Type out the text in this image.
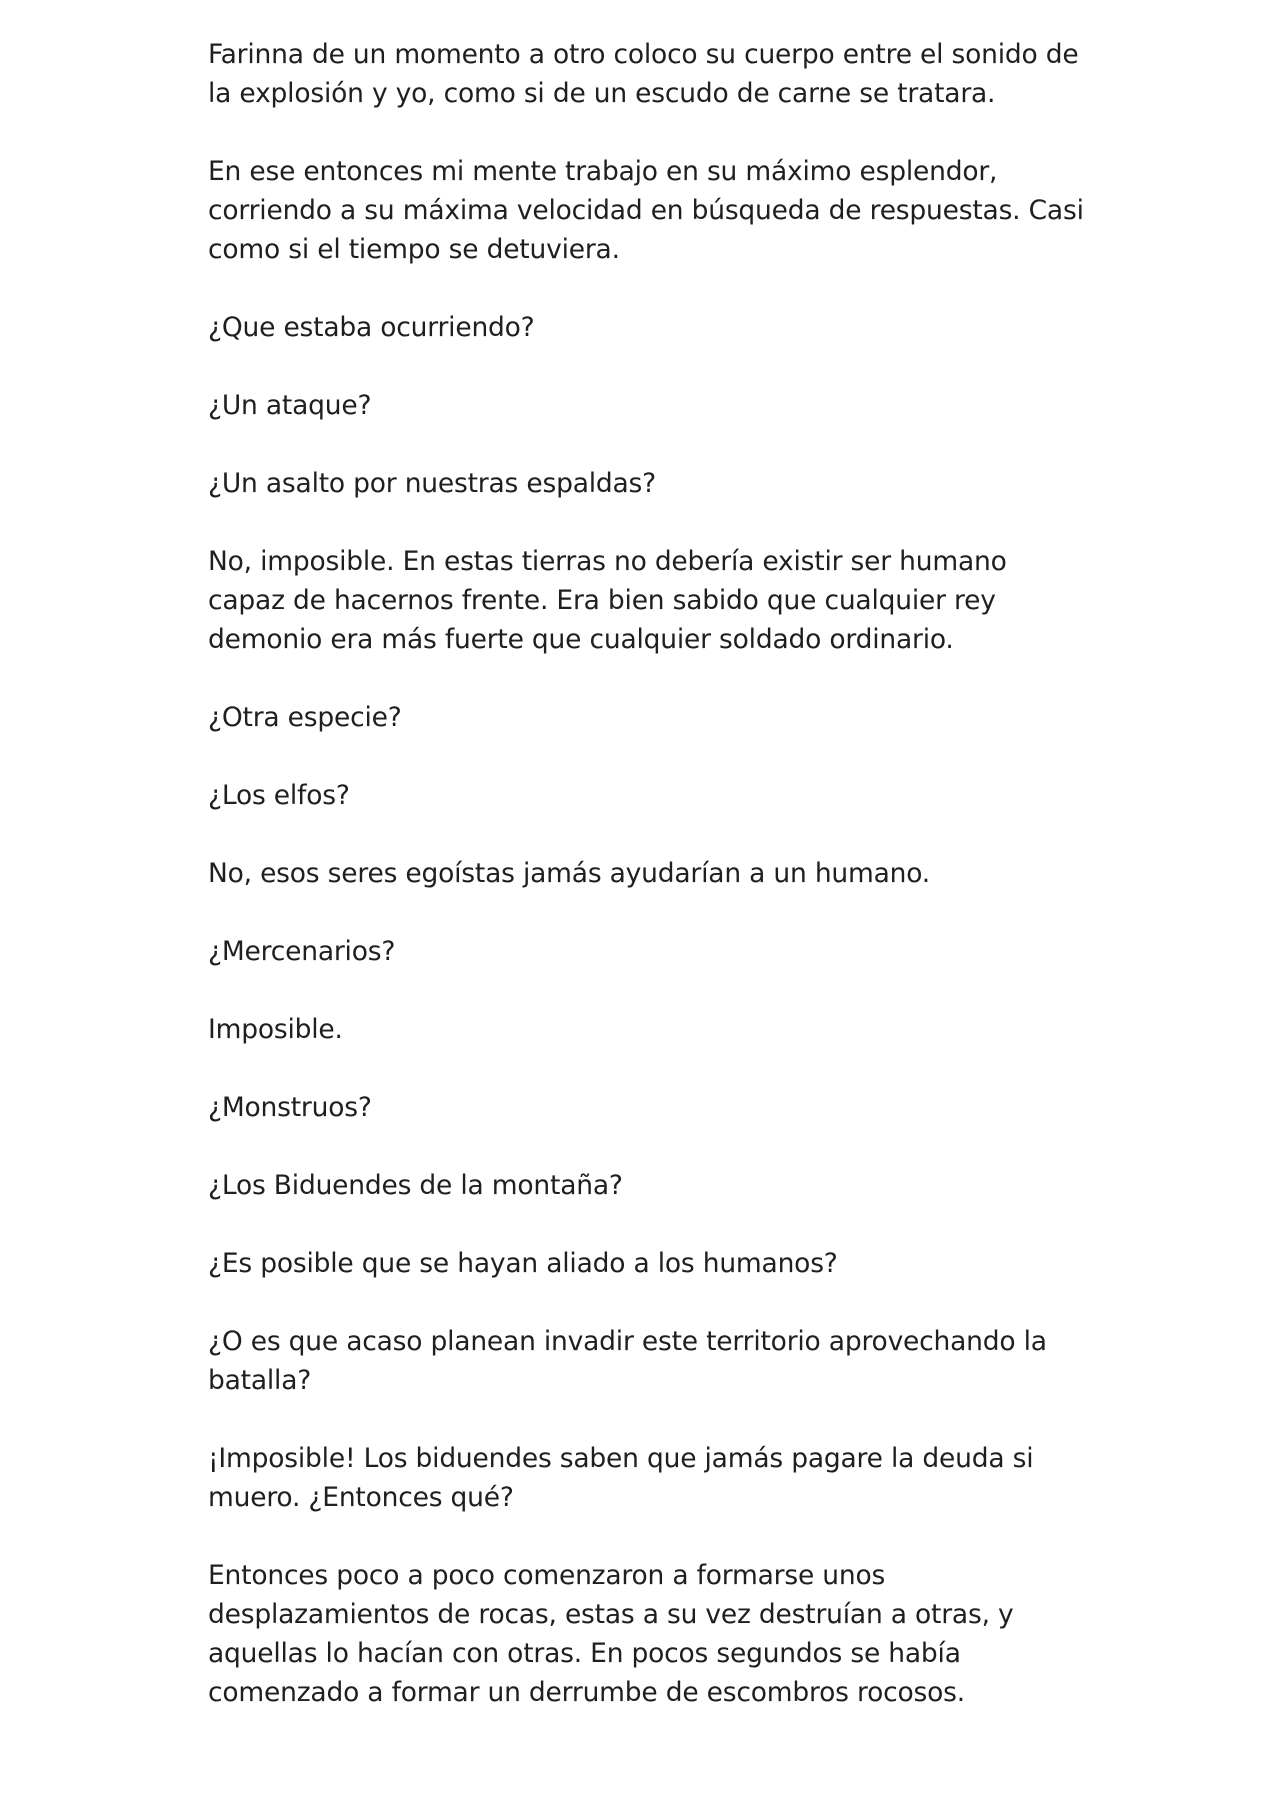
Farinna de un momento a otro coloco su cuerpo entre el sonido de la explosión y yo, como si de un escudo de carne se tratara.

En ese entonces mi mente trabajo en su máximo esplendor, corriendo a su máxima velocidad en búsqueda de respuestas. Casi como si el tiempo se detuviera.

¿Que estaba ocurriendo?

¿Un ataque?

¿Un asalto por nuestras espaldas?

No, imposible. En estas tierras no debería existir ser humano capaz de hacernos frente. Era bien sabido que cualquier rey demonio era más fuerte que cualquier soldado ordinario.

¿Otra especie?

¿Los elfos?

No, esos seres egoístas jamás ayudarían a un humano.

¿Mercenarios?

Imposible.

¿Monstruos?

¿Los Biduendes de la montaña?

¿Es posible que se hayan aliado a los humanos?

¿O es que acaso planean invadir este territorio aprovechando la batalla?

¡Imposible! Los biduendes saben que jamás pagare la deuda si muero. ¿Entonces qué?

Entonces poco a poco comenzaron a formarse unos desplazamientos de rocas, estas a su vez destruían a otras, y aquellas lo hacían con otras. En pocos segundos se había comenzado a formar un derrumbe de escombros rocosos.
